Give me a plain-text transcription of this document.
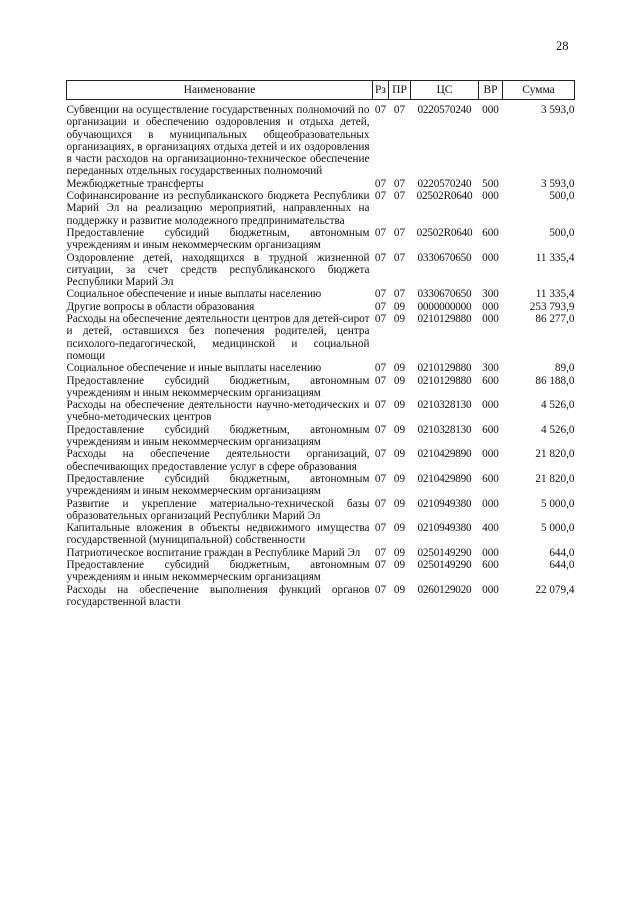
28
Наименование	Рз	ПР	ЦС	ВР	Сумма
Субвенции на осуществление государственных полномочий по организации и обеспечению оздоровления и отдыха детей, обучающихся в муниципальных общеобразовательных организациях, в организациях отдыха детей и их оздоровления в части расходов на организационно-техническое обеспечение переданных отдельных государственных полномочий	07	07	0220570240	000	3 593,0
Межбюджетные трансферты	07	07	0220570240	500	3 593,0
Софинансирование из республиканского бюджета Республики Марий Эл на реализацию мероприятий, направленных на поддержку и развитие молодежного предпринимательства	07	07	02502R0640	000	500,0
Предоставление субсидий бюджетным, автономным учреждениям и иным некоммерческим организациям	07	07	02502R0640	600	500,0
Оздоровление детей, находящихся в трудной жизненной ситуации, за счет средств республиканского бюджета Республики Марий Эл	07	07	0330670650	000	11 335,4
Социальное обеспечение и иные выплаты населению	07	07	0330670650	300	11 335,4
Другие вопросы в области образования	07	09	0000000000	000	253 793,9
Расходы на обеспечение деятельности центров для детей-сирот и детей, оставшихся без попечения родителей, центра психолого-педагогической, медицинской и социальной помощи	07	09	0210129880	000	86 277,0
Социальное обеспечение и иные выплаты населению	07	09	0210129880	300	89,0
Предоставление субсидий бюджетным, автономным учреждениям и иным некоммерческим организациям	07	09	0210129880	600	86 188,0
Расходы на обеспечение деятельности научно-методических и учебно-методических центров	07	09	0210328130	000	4 526,0
Предоставление субсидий бюджетным, автономным учреждениям и иным некоммерческим организациям	07	09	0210328130	600	4 526,0
Расходы на обеспечение деятельности организаций, обеспечивающих предоставление услуг в сфере образования	07	09	0210429890	000	21 820,0
Предоставление субсидий бюджетным, автономным учреждениям и иным некоммерческим организациям	07	09	0210429890	600	21 820,0
Развитие и укрепление материально-технической базы образовательных организаций Республики Марий Эл	07	09	0210949380	000	5 000,0
Капитальные вложения в объекты недвижимого имущества государственной (муниципальной) собственности	07	09	0210949380	400	5 000,0
Патриотическое воспитание граждан в Республике Марий Эл	07	09	0250149290	000	644,0
Предоставление субсидий бюджетным, автономным учреждениям и иным некоммерческим организациям	07	09	0250149290	600	644,0
Расходы на обеспечение выполнения функций органов государственной власти	07	09	0260129020	000	22 079,4
